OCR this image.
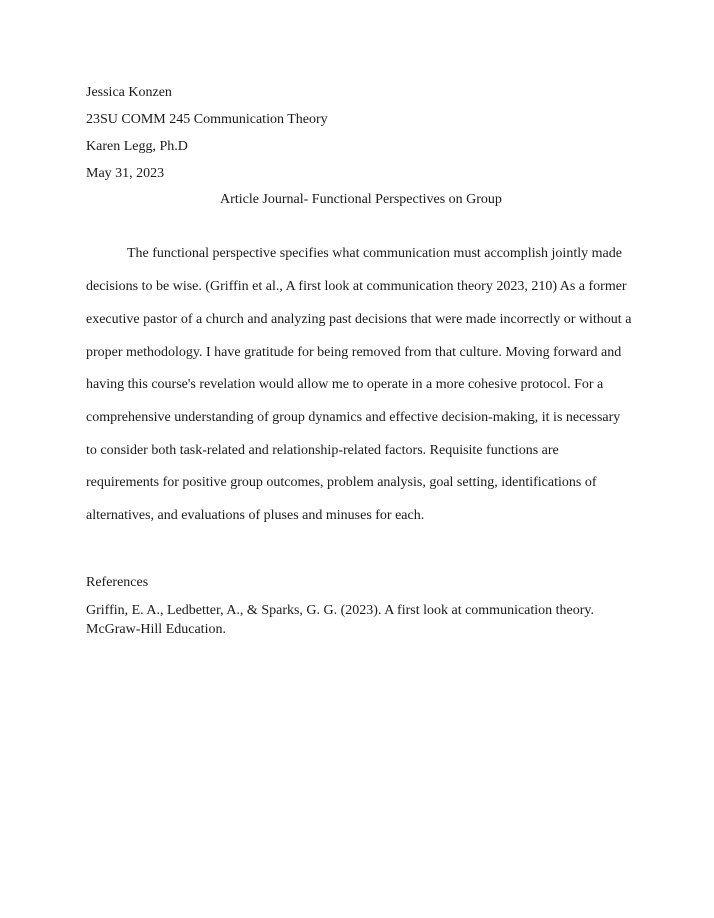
Jessica Konzen
23SU COMM 245 Communication Theory
Karen Legg, Ph.D
May 31, 2023
Article Journal- Functional Perspectives on Group
The functional perspective specifies what communication must accomplish jointly made
decisions to be wise. (Griffin et al., A first look at communication theory 2023, 210) As a former
executive pastor of a church and analyzing past decisions that were made incorrectly or without a
proper methodology. I have gratitude for being removed from that culture. Moving forward and
having this course's revelation would allow me to operate in a more cohesive protocol. For a
comprehensive understanding of group dynamics and effective decision-making, it is necessary
to consider both task-related and relationship-related factors. Requisite functions are
requirements for positive group outcomes, problem analysis, goal setting, identifications of
alternatives, and evaluations of pluses and minuses for each.
References
Griffin, E. A., Ledbetter, A., & Sparks, G. G. (2023). A first look at communication theory.
McGraw-Hill Education.
